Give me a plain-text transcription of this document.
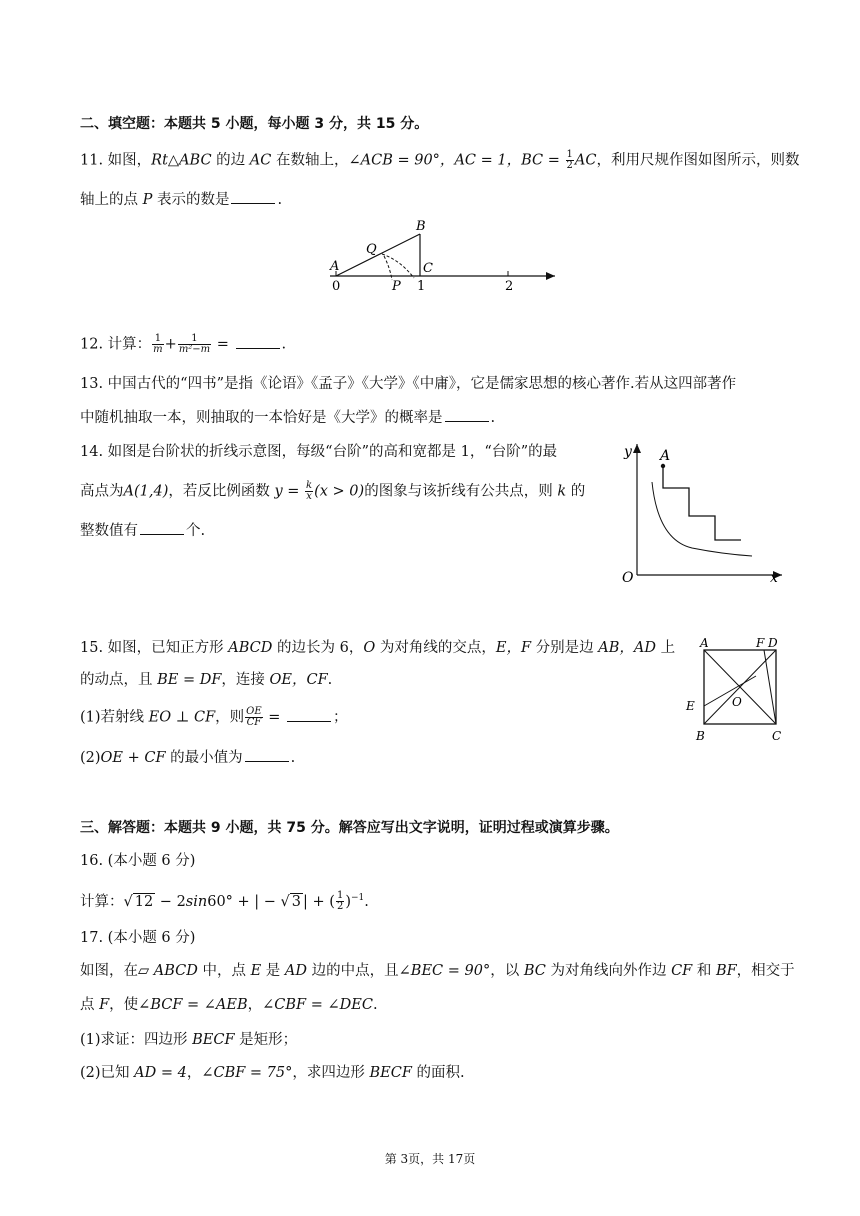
二、填空题：本题共 5 小题，每小题 3 分，共 15 分。
11. 如图，Rt△ABC 的边 AC 在数轴上，∠ACB = 90°，AC = 1，BC = $\frac{1}{2}$ AC，利用尺规作图如图所示，则数
轴上的点 P 表示的数是	.
A
B
C
Q
P
0	1	2
12. 计算： $\frac{1}{m} + \frac{1}{\text{m²−m}}$ =	.
13. 中国古代的“四书”是指《论语》《孟子》《大学》《中庸》，它是儒家思想的核心著作.若从这四部著作
中随机抽取一本，则抽取的一本恰好是《大学》的概率是	.
14. 如图是台阶状的折线示意图，每级“台阶”的高和宽都是 1，“台阶”的最
高点为A(1,4)，若反比例函数 $y = \frac{k}{x} (x > 0)$的图象与该折线有公共点，则 k 的
整数值有	个.
y
x
O
A
15. 如图，已知正方形 ABCD 的边长为 6，O 为对角线的交点，E，F 分别是边 AB，AD 上
的动点，且 BE = DF，连接 OE，CF.
(1)若射线 EO ⊥ CF，则 $\frac{OE}{CF}$ =	；
(2)OE + CF 的最小值为	.
A	F D
E	O
B	C
三、解答题：本题共 9 小题，共 75 分。解答应写出文字说明，证明过程或演算步骤。
16. (本小题 6 分)
计算：√ 12 − 2sin60° + | − √ 3 | + ( $\frac{1}{2} )^{-1}$.
17. (本小题 6 分)
如图，在▱ ABCD 中，点 E 是 AD 边的中点，且∠BEC = 90°，以 BC 为对角线向外作边 CF 和 BF，相交于
点 F，使∠BCF = ∠AEB，∠CBF = ∠DEC.
(1)求证：四边形 BECF 是矩形；
(2)已知 AD = 4，∠CBF = 75°，求四边形 BECF 的面积.
第 3页，共 17页
